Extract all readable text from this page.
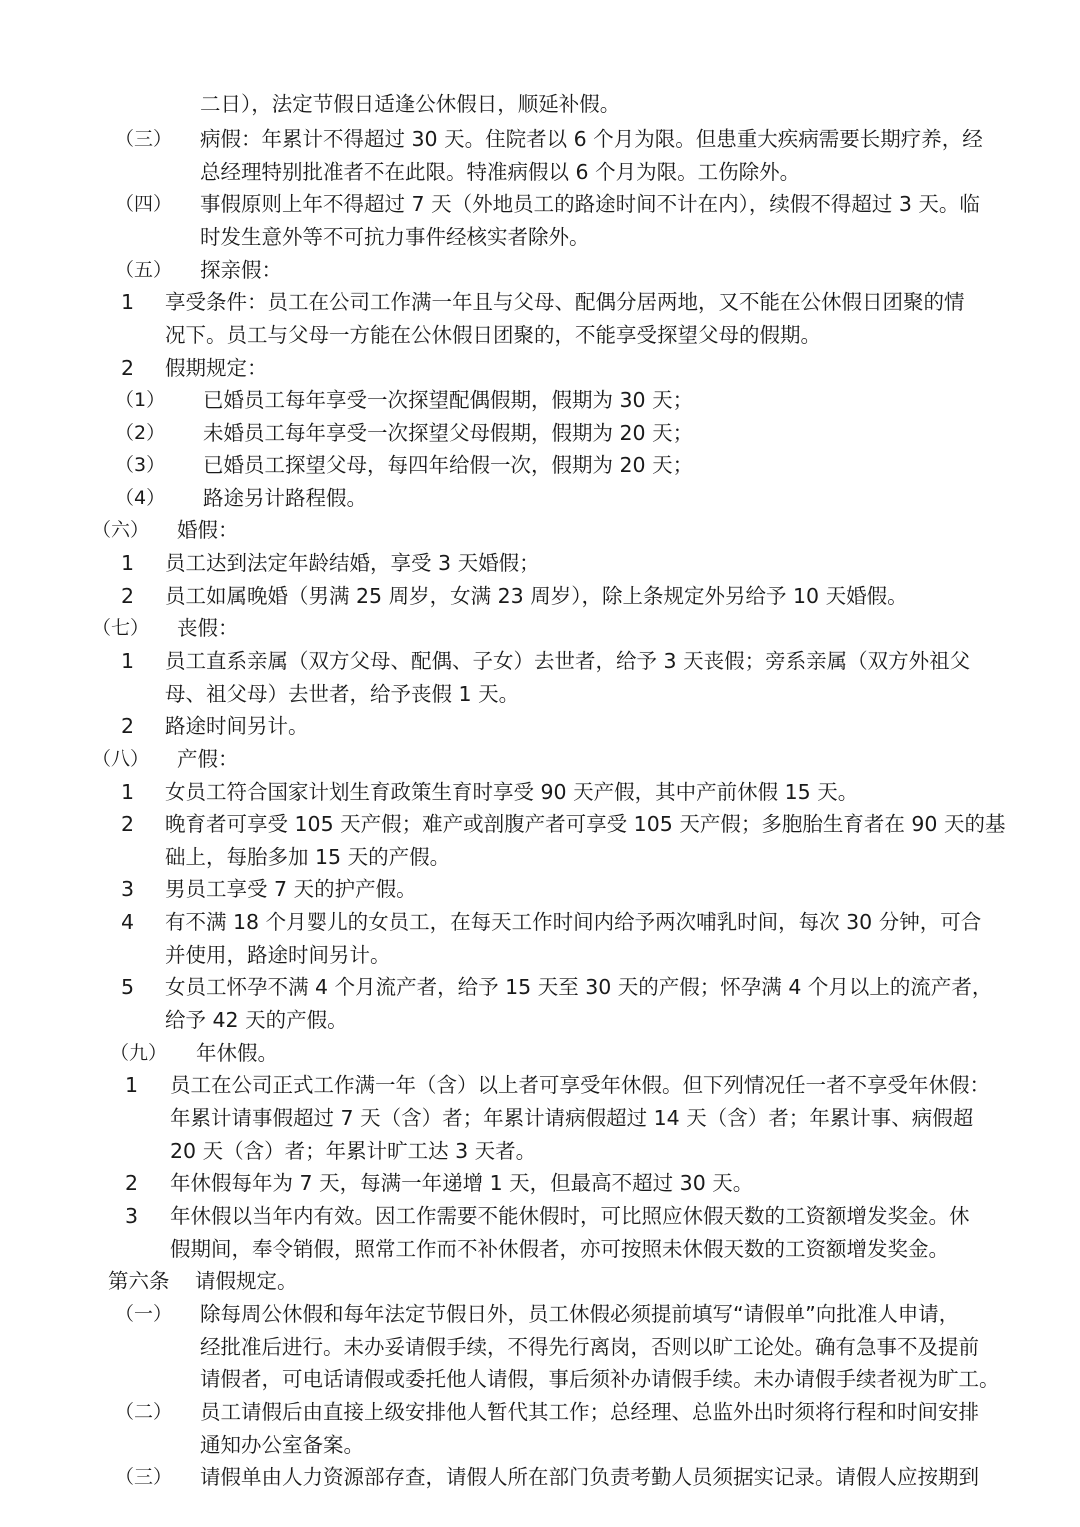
二日），法定节假日适逢公休假日，顺延补假。
（三） 病假：年累计不得超过 30 天。住院者以 6 个月为限。但患重大疾病需要长期疗养，经
总经理特别批准者不在此限。特准病假以 6 个月为限。工伤除外。
（四） 事假原则上年不得超过 7 天（外地员工的路途时间不计在内），续假不得超过 3 天。临
时发生意外等不可抗力事件经核实者除外。
（五） 探亲假：
1 享受条件：员工在公司工作满一年且与父母、配偶分居两地，又不能在公休假日团聚的情
况下。员工与父母一方能在公休假日团聚的，不能享受探望父母的假期。
2 假期规定：
（1） 已婚员工每年享受一次探望配偶假期，假期为 30 天；
（2） 未婚员工每年享受一次探望父母假期，假期为 20 天；
（3） 已婚员工探望父母，每四年给假一次，假期为 20 天；
（4） 路途另计路程假。
（六） 婚假：
1 员工达到法定年龄结婚，享受 3 天婚假；
2 员工如属晚婚（男满 25 周岁，女满 23 周岁），除上条规定外另给予 10 天婚假。
（七） 丧假：
1 员工直系亲属（双方父母、配偶、子女）去世者，给予 3 天丧假；旁系亲属（双方外祖父
母、祖父母）去世者，给予丧假 1 天。
2 路途时间另计。
（八） 产假：
1 女员工符合国家计划生育政策生育时享受 90 天产假，其中产前休假 15 天。
2 晚育者可享受 105 天产假；难产或剖腹产者可享受 105 天产假；多胞胎生育者在 90 天的基
础上，每胎多加 15 天的产假。
3 男员工享受 7 天的护产假。
4 有不满 18 个月婴儿的女员工，在每天工作时间内给予两次哺乳时间，每次 30 分钟，可合
并使用，路途时间另计。
5 女员工怀孕不满 4 个月流产者，给予 15 天至 30 天的产假；怀孕满 4 个月以上的流产者，
给予 42 天的产假。
（九） 年休假。
1 员工在公司正式工作满一年（含）以上者可享受年休假。但下列情况任一者不享受年休假：
年累计请事假超过 7 天（含）者；年累计请病假超过 14 天（含）者；年累计事、病假超
20 天（含）者；年累计旷工达 3 天者。
2 年休假每年为 7 天，每满一年递增 1 天，但最高不超过 30 天。
3 年休假以当年内有效。因工作需要不能休假时，可比照应休假天数的工资额增发奖金。休
假期间，奉令销假，照常工作而不补休假者，亦可按照未休假天数的工资额增发奖金。
第六条 请假规定。
（一） 除每周公休假和每年法定节假日外，员工休假必须提前填写“请假单”向批准人申请，
经批准后进行。未办妥请假手续，不得先行离岗，否则以旷工论处。确有急事不及提前
请假者，可电话请假或委托他人请假，事后须补办请假手续。未办请假手续者视为旷工。
（二） 员工请假后由直接上级安排他人暂代其工作；总经理、总监外出时须将行程和时间安排
通知办公室备案。
（三） 请假单由人力资源部存查，请假人所在部门负责考勤人员须据实记录。请假人应按期到
